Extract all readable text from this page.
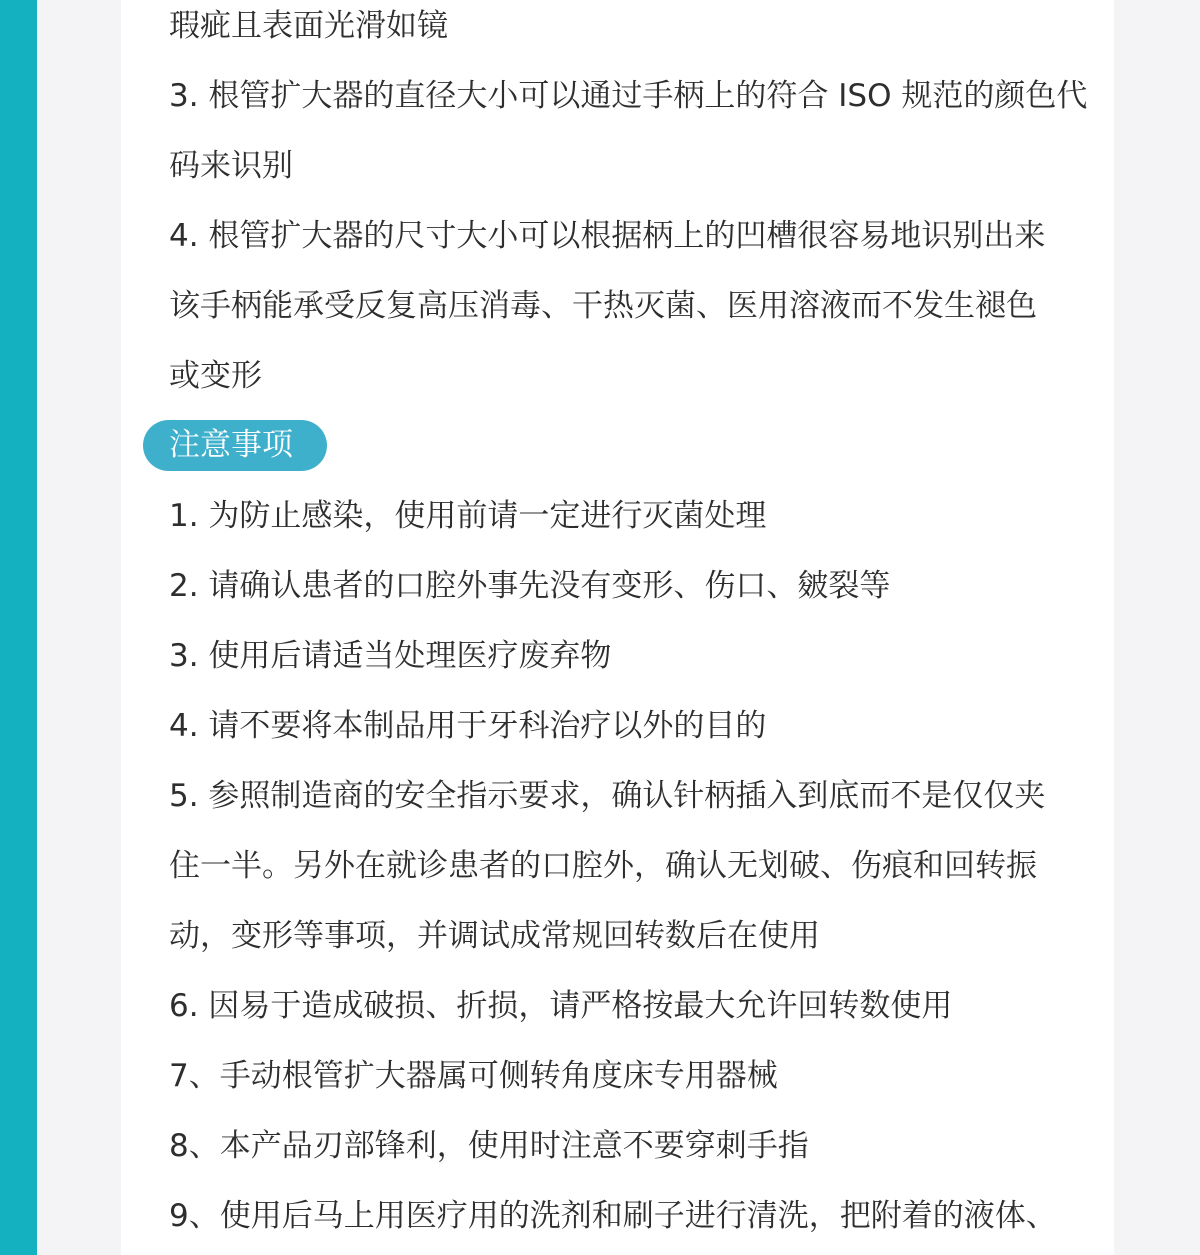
瑕疵且表面光滑如镜
3. 根管扩大器的直径大小可以通过手柄上的符合 ISO 规范的颜色代
码来识别
4. 根管扩大器的尺寸大小可以根据柄上的凹槽很容易地识别出来
该手柄能承受反复高压消毒、干热灭菌、医用溶液而不发生褪色
或变形
注意事项
1. 为防止感染，使用前请一定进行灭菌处理
2. 请确认患者的口腔外事先没有变形、伤口、皴裂等
3. 使用后请适当处理医疗废弃物
4. 请不要将本制品用于牙科治疗以外的目的
5. 参照制造商的安全指示要求，确认针柄插入到底而不是仅仅夹
住一半。另外在就诊患者的口腔外，确认无划破、伤痕和回转振
动，变形等事项，并调试成常规回转数后在使用
6. 因易于造成破损、折损，请严格按最大允许回转数使用
7、手动根管扩大器属可侧转角度床专用器械
8、本产品刃部锋利，使用时注意不要穿刺手指
9、使用后马上用医疗用的洗剂和刷子进行清洗，把附着的液体、
